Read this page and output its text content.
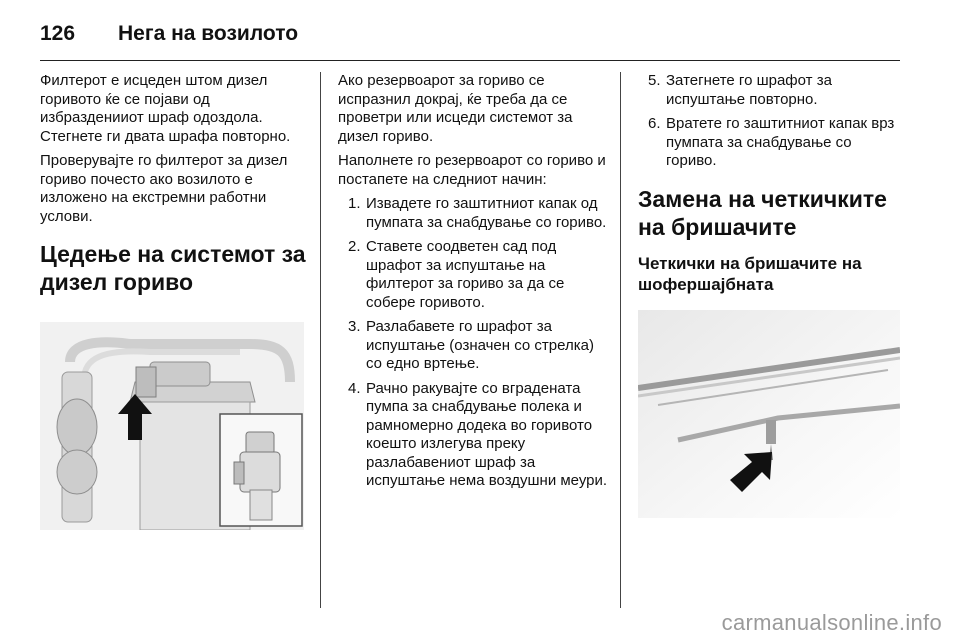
126	Нега на возилото

Филтерот е исцеден штом дизел горивото ќе се појави од избразденииот шраф одоздола. Стегнете ги двата шрафа повторно.

Проверувајте го филтерот за дизел гориво почесто ако возилото е изложено на екстремни работни услови.

Цедење на системот за дизел гориво

Ако резервоарот за гориво се испразнил докрај, ќе треба да се проветри или исцеди системот за дизел гориво.

Наполнете го резервоарот со гориво и постапете на следниот начин:

1. Извадете го заштитниот капак од пумпата за снабдување со гориво.
2. Ставете соодветен сад под шрафот за испуштање на филтерот за гориво за да се собере горивото.
3. Разлабавете го шрафот за испуштање (означен со стрелка) со едно вртење.
4. Рачно ракувајте со вградената пумпа за снабдување полека и рамномерно додека во горивото коешто излегува преку разлабавениот шраф за испуштање нема воздушни меури.
5. Затегнете го шрафот за испуштање повторно.
6. Вратете го заштитниот капак врз пумпата за снабдување со гориво.
Замена на четкичките на бришачите
Четкички на бришачите на шофершајбната
carmanualsonline.info
